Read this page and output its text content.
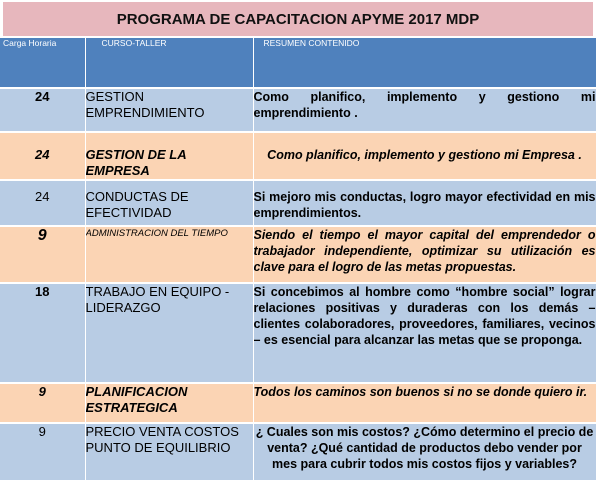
PROGRAMA DE CAPACITACION APYME 2017 MDP
Carga Horaria	CURSO-TALLER	RESUMEN CONTENIDO
24	GESTION EMPRENDIMIENTO	Como planifico, implemento y gestiono mi emprendimiento .
24	GESTION DE LA EMPRESA	Como planifico, implemento y gestiono mi Empresa .
24	CONDUCTAS DE EFECTIVIDAD	Si mejoro mis conductas, logro mayor efectividad en mis emprendimientos.
9	ADMINISTRACION DEL TIEMPO	Siendo el tiempo el mayor capital del emprendedor o trabajador independiente, optimizar su utilización es clave para el logro de las metas propuestas.
18	TRABAJO EN EQUIPO - LIDERAZGO	Si concebimos al hombre como “hombre social” lograr relaciones positivas y duraderas con los demás – clientes colaboradores, proveedores, familiares, vecinos – es esencial para alcanzar las metas que se proponga.
9	PLANIFICACION ESTRATEGICA	Todos los caminos son buenos si no se donde quiero ir.
9	PRECIO VENTA COSTOS PUNTO DE EQUILIBRIO	¿ Cuales son mis costos? ¿Cómo determino el precio de venta? ¿Qué cantidad de productos debo vender por mes para cubrir todos mis costos fijos y variables?
